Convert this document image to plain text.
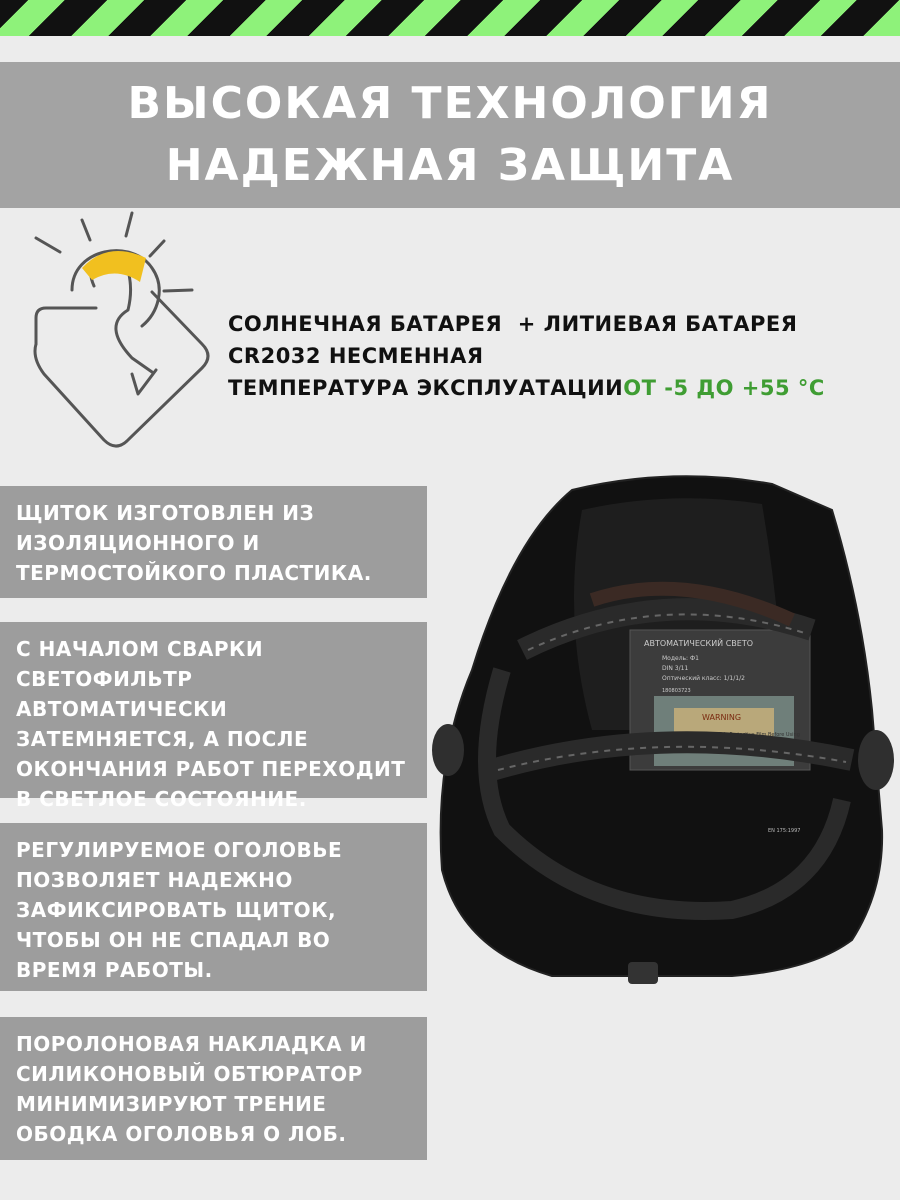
ВЫСОКАЯ ТЕХНОЛОГИЯ
НАДЕЖНАЯ ЗАЩИТА
СОЛНЕЧНАЯ БАТАРЕЯ  + ЛИТИЕВАЯ БАТАРЕЯ
CR2032 НЕСМЕННАЯ
ТЕМПЕРАТУРА ЭКСПЛУАТАЦИИОТ -5 ДО +55 °С
ЩИТОК ИЗГОТОВЛЕН ИЗ ИЗОЛЯЦИОННОГО И ТЕРМОСТОЙКОГО ПЛАСТИКА.
С НАЧАЛОМ СВАРКИ СВЕТОФИЛЬТР АВТОМАТИЧЕСКИ ЗАТЕМНЯЕТСЯ, А ПОСЛЕ ОКОНЧАНИЯ РАБОТ ПЕРЕХОДИТ В СВЕТЛОЕ СОСТОЯНИЕ.
РЕГУЛИРУЕМОЕ ОГОЛОВЬЕ ПОЗВОЛЯЕТ НАДЕЖНО ЗАФИКСИРОВАТЬ ЩИТОК, ЧТОБЫ ОН НЕ СПАДАЛ ВО ВРЕМЯ РАБОТЫ.
ПОРОЛОНОВАЯ НАКЛАДКА И СИЛИКОНОВЫЙ ОБТЮРАТОР МИНИМИЗИРУЮТ ТРЕНИЕ ОБОДКА ОГОЛОВЬЯ О ЛОБ.
АВТОМАТИЧЕСКИЙ СВЕТО
Модель: Ф1
DIN 3/11
Оптический класс: 1/1/1/2
180803723
WARNING
Please Remove This Protective Film Before Using
EN 175:1997
